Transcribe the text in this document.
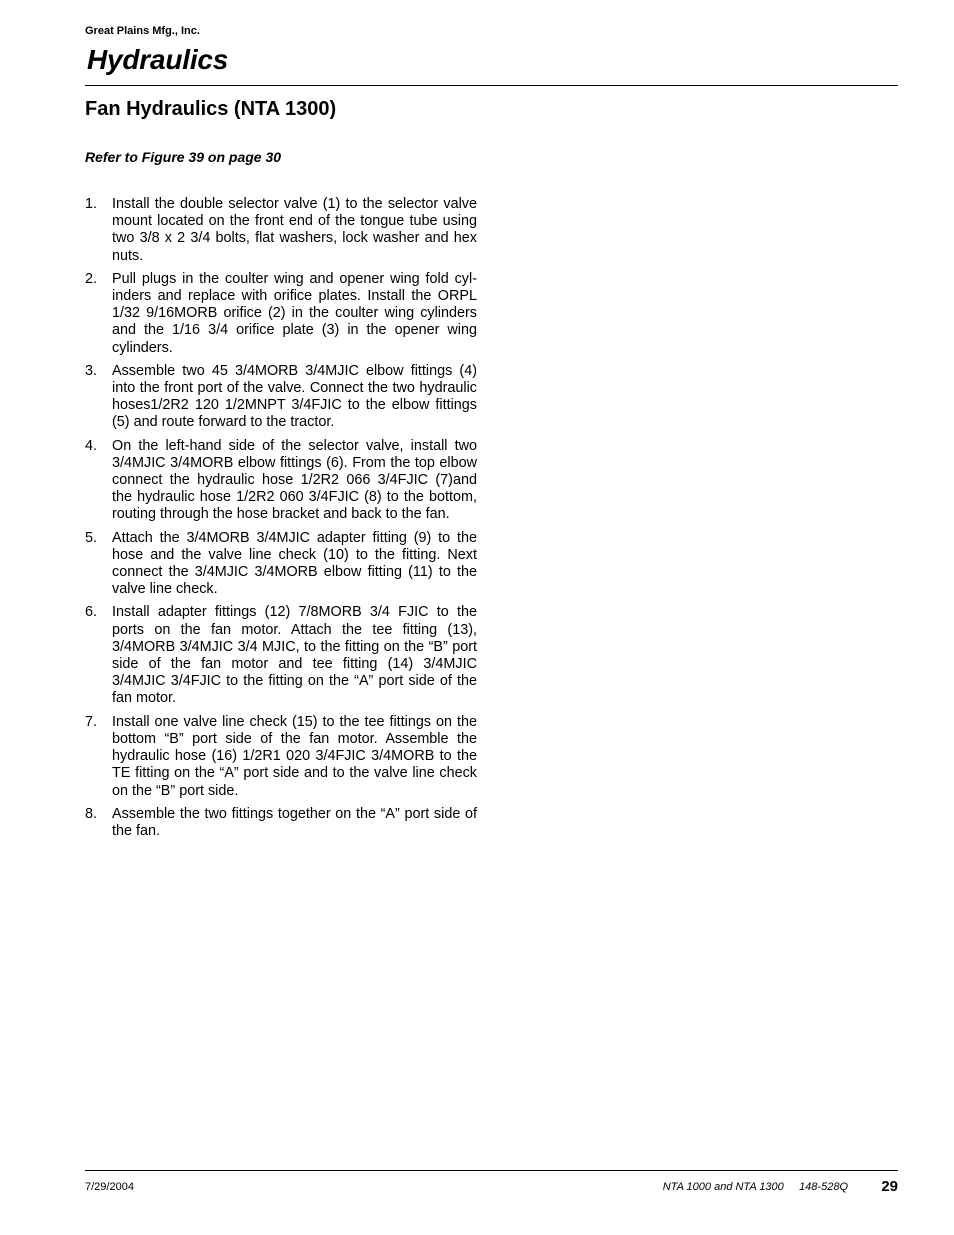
Great Plains Mfg., Inc.
Hydraulics
Fan Hydraulics (NTA 1300)
Refer to Figure 39 on page 30
1. Install the double selector valve (1) to the selector valve mount located on the front end of the tongue tube using two 3/8 x 2 3/4 bolts, flat washers, lock washer and hex nuts.
2. Pull plugs in the coulter wing and opener wing fold cylinders and replace with orifice plates. Install the ORPL 1/32 9/16MORB orifice (2) in the coulter wing cylinders and the 1/16 3/4 orifice plate (3) in the opener wing cylinders.
3. Assemble two 45 3/4MORB 3/4MJIC elbow fittings (4) into the front port of the valve. Connect the two hydraulic hoses1/2R2 120 1/2MNPT 3/4FJIC to the elbow fittings (5) and route forward to the tractor.
4. On the left-hand side of the selector valve, install two 3/4MJIC 3/4MORB elbow fittings (6). From the top elbow connect the hydraulic hose 1/2R2 066 3/4FJIC (7)and the hydraulic hose 1/2R2 060 3/4FJIC (8) to the bottom, routing through the hose bracket and back to the fan.
5. Attach the 3/4MORB 3/4MJIC adapter fitting (9) to the hose and the valve line check (10) to the fitting. Next connect the 3/4MJIC 3/4MORB elbow fitting (11) to the valve line check.
6. Install adapter fittings (12) 7/8MORB 3/4 FJIC to the ports on the fan motor. Attach the tee fitting (13), 3/4MORB 3/4MJIC 3/4 MJIC, to the fitting on the “B” port side of the fan motor and tee fitting (14) 3/4MJIC 3/4MJIC 3/4FJIC to the fitting on the “A” port side of the fan motor.
7. Install one valve line check (15) to the tee fittings on the bottom “B” port side of the fan motor. Assemble the hydraulic hose (16) 1/2R1 020 3/4FJIC 3/4MORB to the TE fitting on the “A” port side and to the valve line check on the “B” port side.
8. Assemble the two fittings together on the “A” port side of the fan.
7/29/2004	NTA 1000 and NTA 1300     148-528Q 29
